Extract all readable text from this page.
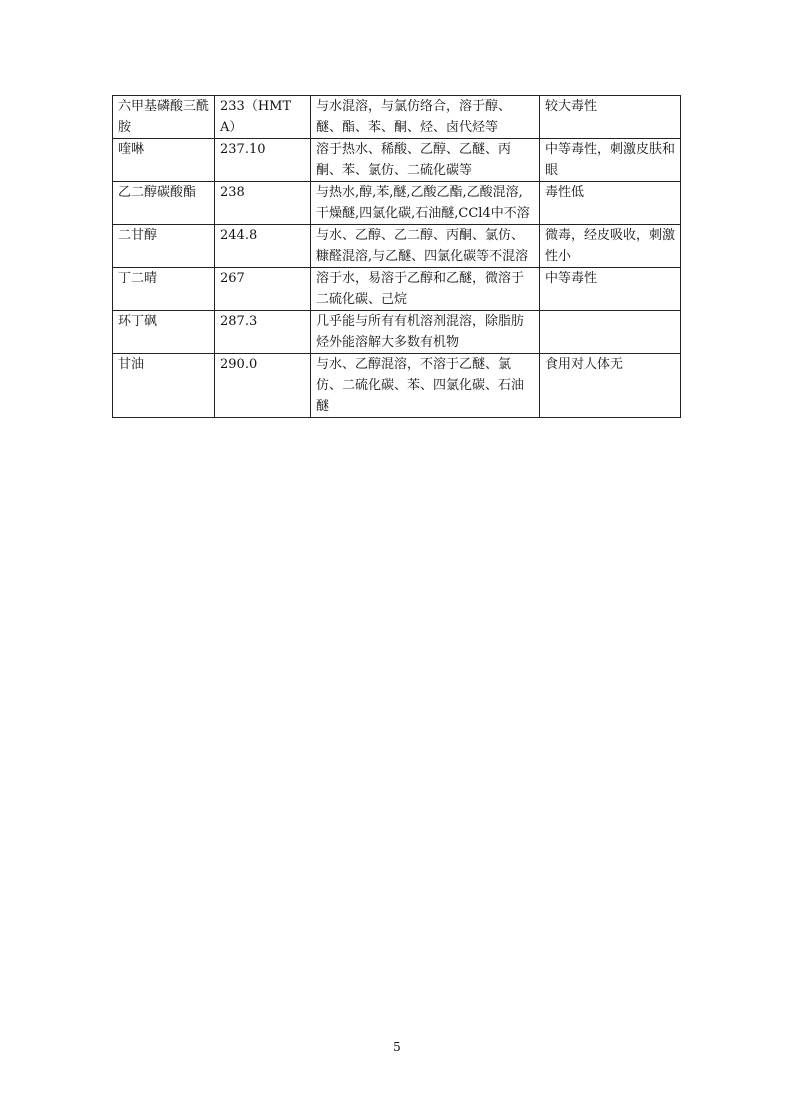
六甲基磷酸三酰胺	233（HMTA）	与水混溶，与氯仿络合，溶于醇、醚、酯、苯、酮、烃、卤代烃等	较大毒性
喹啉	237.10	溶于热水、稀酸、乙醇、乙醚、丙酮、苯、氯仿、二硫化碳等	中等毒性，刺激皮肤和眼
乙二醇碳酸酯	238	与热水,醇,苯,醚,乙酸乙酯,乙酸混溶,干燥醚,四氯化碳,石油醚,CCl4中不溶	毒性低
二甘醇	244.8	与水、乙醇、乙二醇、丙酮、氯仿、糠醛混溶,与乙醚、四氯化碳等不混溶	微毒，经皮吸收，刺激性小
丁二晴	267	溶于水，易溶于乙醇和乙醚，微溶于二硫化碳、己烷	中等毒性
环丁砜	287.3	几乎能与所有有机溶剂混溶，除脂肪烃外能溶解大多数有机物	
甘油	290.0	与水、乙醇混溶，不溶于乙醚、氯仿、二硫化碳、苯、四氯化碳、石油醚	食用对人体无
5
